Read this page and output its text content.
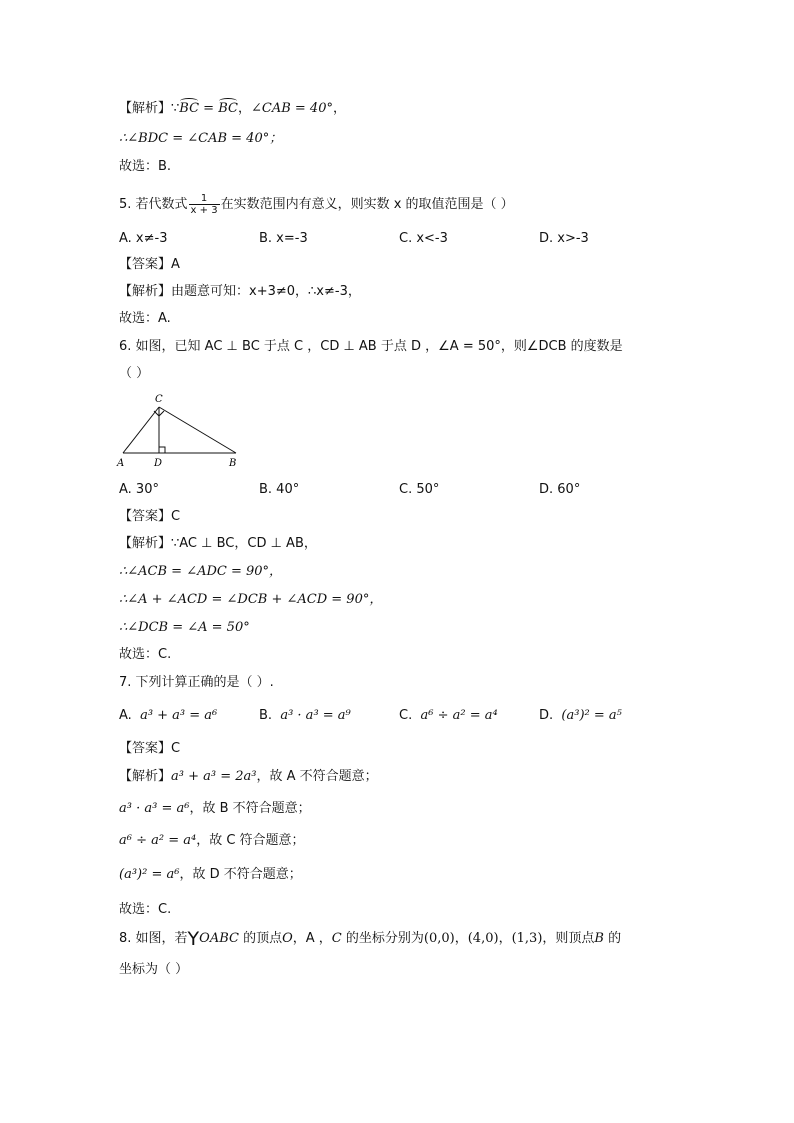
【解析】∵BC = BC，∠CAB = 40°，
∴∠BDC = ∠CAB = 40°；
故选：B.
5. 若代数式 $\frac{1}{x + 3}$ 在实数范围内有意义，则实数 x 的取值范围是（ ）
A. x≠-3	B. x=-3	C. x<-3	D. x>-3
【答案】A
【解析】由题意可知：x+3≠0，∴x≠-3，
故选：A.
6. 如图，已知 AC ⊥ BC 于点 C ，CD ⊥ AB 于点 D ，∠A = 50°，则∠DCB 的度数是
（ ）
A	D	B
C
A. 30°	B. 40°	C. 50°	D. 60°
【答案】C
【解析】∵AC ⊥ BC，CD ⊥ AB，
∴∠ACB = ∠ADC = 90°，
∴∠A + ∠ACD = ∠DCB + ∠ACD = 90°，
∴∠DCB = ∠A = 50°
故选：C.
7. 下列计算正确的是（ ）.
A. a³ + a³ = a⁶	B. a³ · a³ = a⁹	C. a⁶ ÷ a² = a⁴	D. (a³)² = a⁵
【答案】C
【解析】a³ + a³ = 2a³，故 A 不符合题意；
a³ · a³ = a⁶，故 B 不符合题意；
a⁶ ÷ a² = a⁴，故 C 符合题意；
(a³)² = a⁶，故 D 不符合题意；
故选：C.
8. 如图，若YOABC 的顶点O，A ，C 的坐标分别为(0,0)，(4,0)，(1,3)，则顶点B 的
坐标为（ ）
